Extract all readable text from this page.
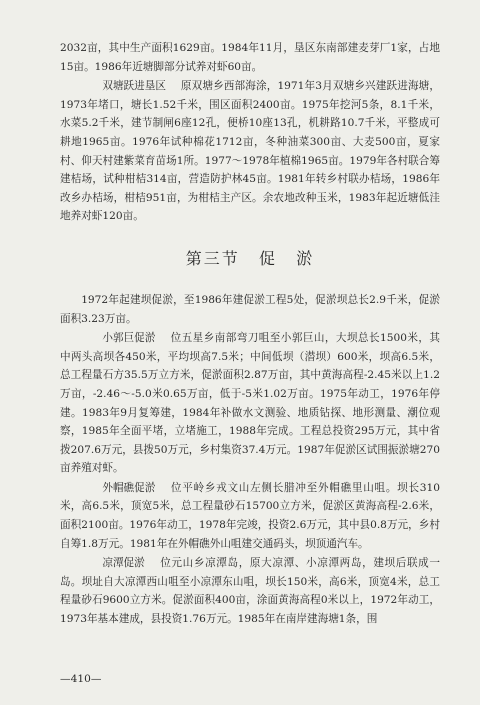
2032亩，其中生产面积1629亩。1984年11月，垦区东南部建麦芽厂1家，占地15亩。1986年近塘脚部分试养对虾60亩。

双塘跃进垦区 原双塘乡西部海涂，1971年3月双塘乡兴建跃进海塘，1973年堵口，塘长1.52千米，围区面积2400亩。1975年挖河5条，8.1千米，水菜5.2千米，建节制闸6座12孔，便桥10座13孔，机耕路10.7千米，平整成可耕地1965亩。1976年试种棉花1712亩，冬种油菜300亩、大麦500亩，夏家村、仰天村建紫菜育苗场1所。1977～1978年植棉1965亩。1979年各村联合筹建桔场，试种柑桔314亩，营造防护林45亩。1981年转乡村联办桔场，1986年改乡办桔场，柑桔951亩，为柑桔主产区。余农地改种玉米，1983年起近塘低洼地养对虾120亩。

第三节 促 淤

1972年起建坝促淤，至1986年建促淤工程5处，促淤坝总长2.9千米，促淤面积3.23万亩。

小郭巨促淤 位五星乡南部弯刀咀至小郭巨山，大坝总长1500米，其中两头高坝各450米，平均坝高7.5米；中间低坝（潜坝）600米，坝高6.5米，总工程量石方35.5万立方米，促淤面积2.87万亩，其中黄海高程-2.45米以上1.2万亩，-2.46～-5.0米0.65万亩，低于-5米1.02万亩。1975年动工，1976年停建。1983年9月复筹建，1984年补做水文测验、地质钻探、地形测量、潮位观察，1985年全面平堵，立堵施工，1988年完成。工程总投资295万元，其中省拨207.6万元，县拨50万元，乡村集资37.4万元。1987年促淤区试围振淤塘270亩养殖对虾。

外帽礁促淤 位平岭乡戎文山左侧长腊冲至外帽礁里山咀。坝长310米，高6.5米，顶宽5米，总工程量砂石15700立方米，促淤区黄海高程-2.6米，面积2100亩。1976年动工，1978年完竣，投资2.6万元，其中县0.8万元，乡村自筹1.8万元。1981年在外帽礁外山咀建交通码头，坝顶通汽车。

凉潭促淤 位元山乡凉潭岛，原大凉潭、小凉潭两岛，建坝后联成一岛。坝址自大凉潭西山咀至小凉潭东山咀，坝长150米，高6米，顶宽4米，总工程量砂石9600立方米。促淤面积400亩，涂面黄海高程0米以上，1972年动工，1973年基本建成，县投资1.76万元。1985年在南岸建海塘1条，围

—410—
